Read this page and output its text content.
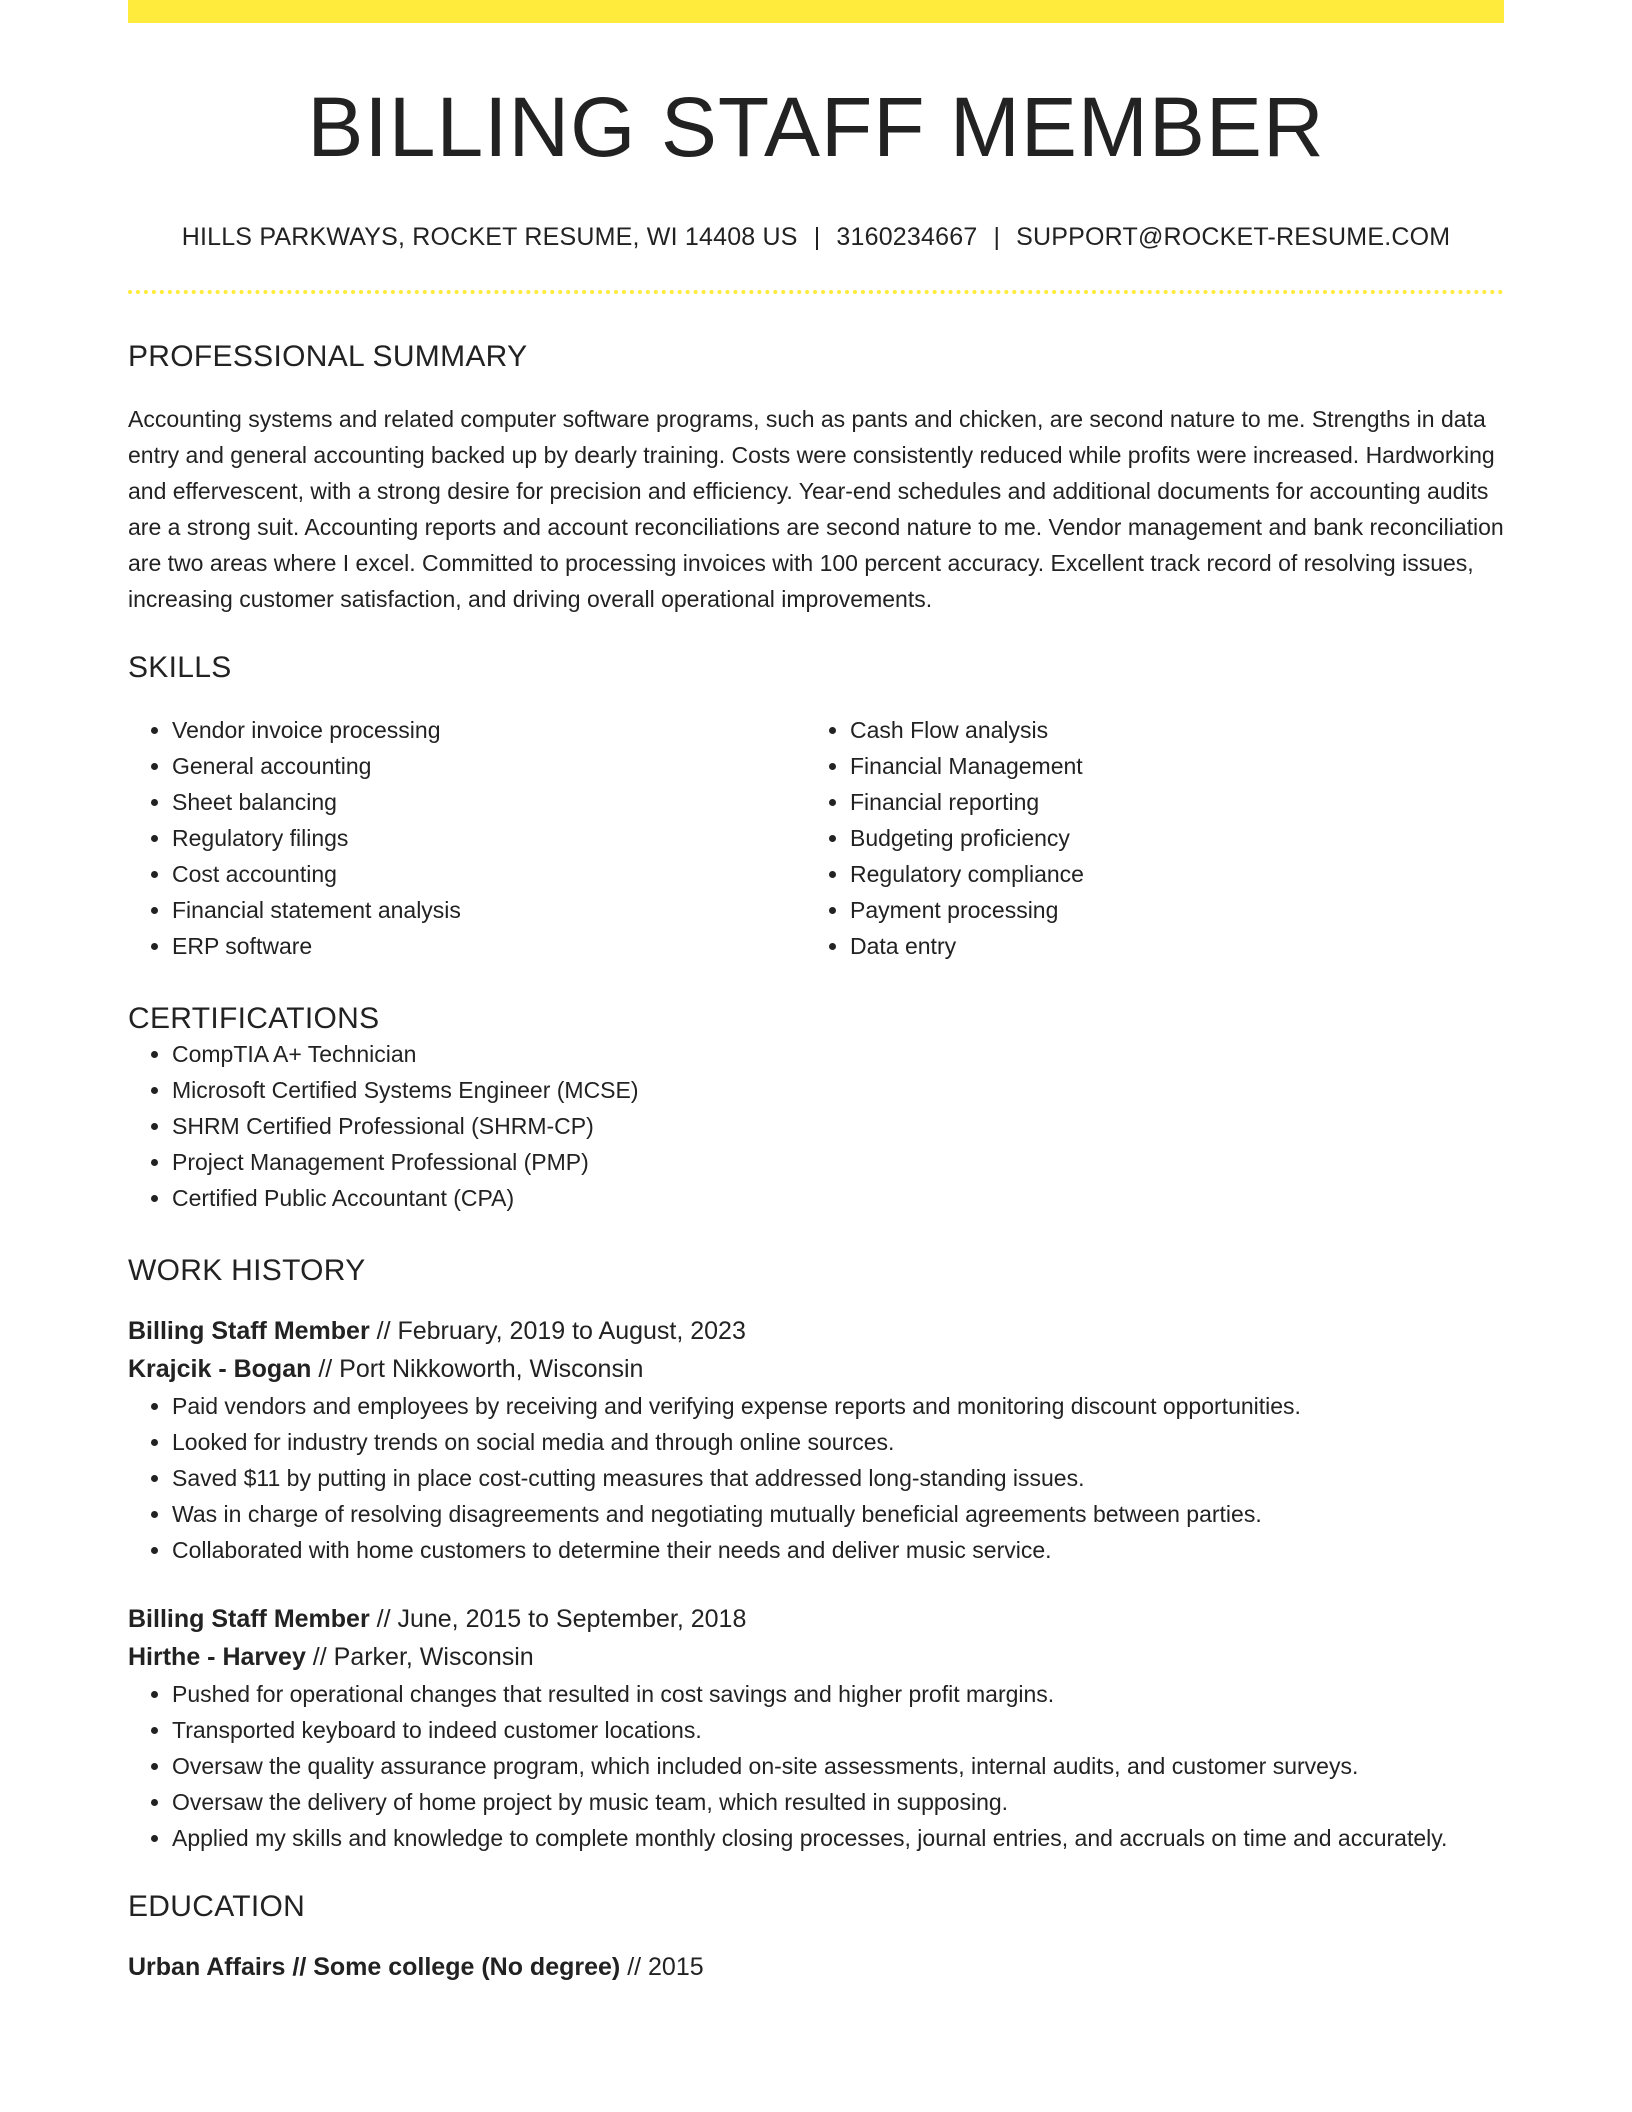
BILLING STAFF MEMBER
HILLS PARKWAYS, ROCKET RESUME, WI 14408 US | 3160234667 | SUPPORT@ROCKET-RESUME.COM
PROFESSIONAL SUMMARY
Accounting systems and related computer software programs, such as pants and chicken, are second nature to me. Strengths in data entry and general accounting backed up by dearly training. Costs were consistently reduced while profits were increased. Hardworking and effervescent, with a strong desire for precision and efficiency. Year-end schedules and additional documents for accounting audits are a strong suit. Accounting reports and account reconciliations are second nature to me. Vendor management and bank reconciliation are two areas where I excel. Committed to processing invoices with 100 percent accuracy. Excellent track record of resolving issues, increasing customer satisfaction, and driving overall operational improvements.
SKILLS
• Vendor invoice processing
• General accounting
• Sheet balancing
• Regulatory filings
• Cost accounting
• Financial statement analysis
• ERP software
• Cash Flow analysis
• Financial Management
• Financial reporting
• Budgeting proficiency
• Regulatory compliance
• Payment processing
• Data entry
CERTIFICATIONS
• CompTIA A+ Technician
• Microsoft Certified Systems Engineer (MCSE)
• SHRM Certified Professional (SHRM-CP)
• Project Management Professional (PMP)
• Certified Public Accountant (CPA)
WORK HISTORY
Billing Staff Member // February, 2019 to August, 2023
Krajcik - Bogan // Port Nikkoworth, Wisconsin
• Paid vendors and employees by receiving and verifying expense reports and monitoring discount opportunities.
• Looked for industry trends on social media and through online sources.
• Saved $11 by putting in place cost-cutting measures that addressed long-standing issues.
• Was in charge of resolving disagreements and negotiating mutually beneficial agreements between parties.
• Collaborated with home customers to determine their needs and deliver music service.
Billing Staff Member // June, 2015 to September, 2018
Hirthe - Harvey // Parker, Wisconsin
• Pushed for operational changes that resulted in cost savings and higher profit margins.
• Transported keyboard to indeed customer locations.
• Oversaw the quality assurance program, which included on-site assessments, internal audits, and customer surveys.
• Oversaw the delivery of home project by music team, which resulted in supposing.
• Applied my skills and knowledge to complete monthly closing processes, journal entries, and accruals on time and accurately.
EDUCATION
Urban Affairs // Some college (No degree) // 2015
